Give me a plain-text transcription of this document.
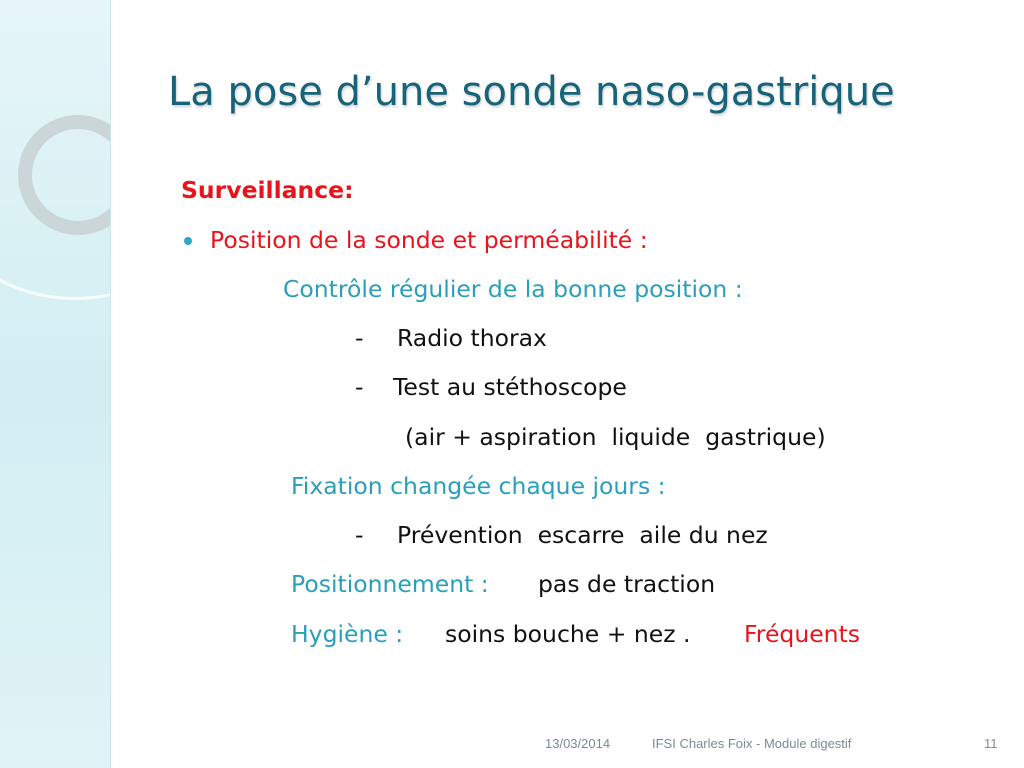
La pose d’une sonde naso-gastrique
Surveillance:
Position de la sonde et perméabilité :
Contrôle régulier de la bonne position :
- Radio thorax
- Test au stéthoscope
(air + aspiration  liquide  gastrique)
Fixation changée chaque jours :
- Prévention  escarre  aile du nez
Positionnement : pas de traction
Hygiène : soins bouche + nez . Fréquents
13/03/2014	IFSI Charles Foix - Module digestif	11
